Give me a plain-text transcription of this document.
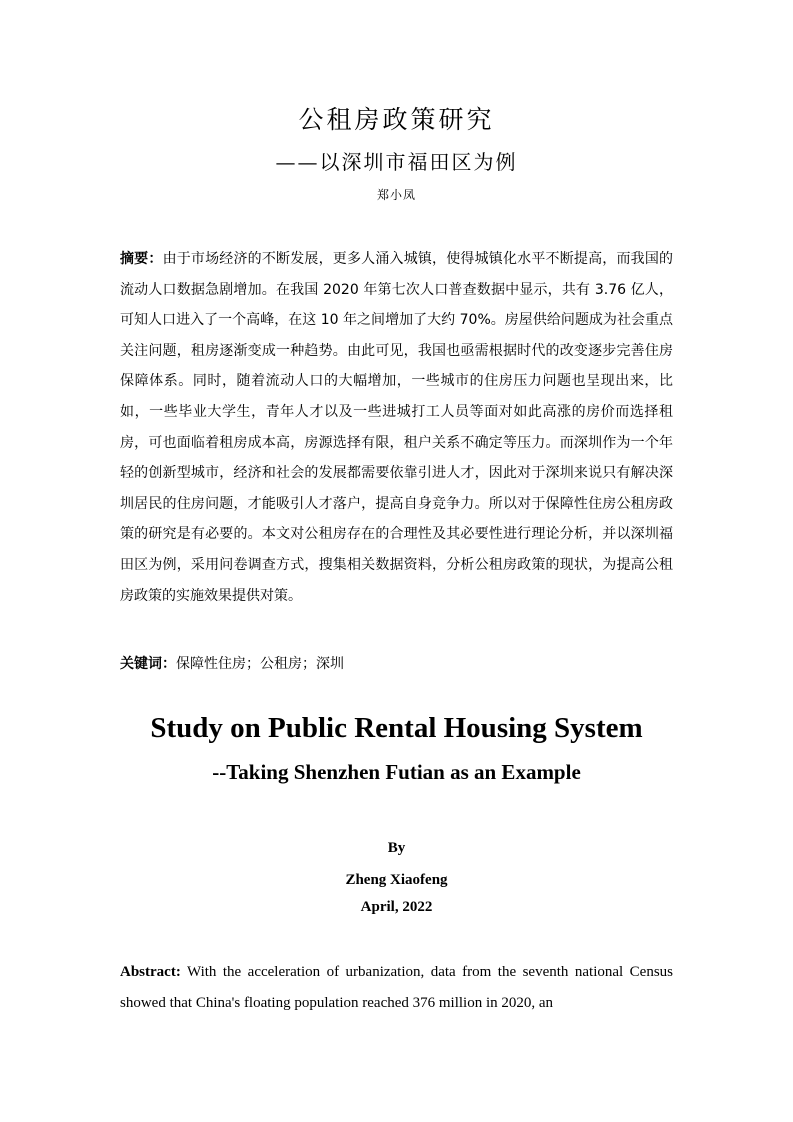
公租房政策研究
——以深圳市福田区为例
郑小凤
摘要：由于市场经济的不断发展，更多人涌入城镇，使得城镇化水平不断提高，而我国的流动人口数据急剧增加。在我国 2020 年第七次人口普查数据中显示，共有 3.76 亿人，可知人口进入了一个高峰，在这 10 年之间增加了大约 70%。房屋供给问题成为社会重点关注问题，租房逐渐变成一种趋势。由此可见，我国也亟需根据时代的改变逐步完善住房保障体系。同时，随着流动人口的大幅增加，一些城市的住房压力问题也呈现出来，比如，一些毕业大学生，青年人才以及一些进城打工人员等面对如此高涨的房价而选择租房，可也面临着租房成本高，房源选择有限，租户关系不确定等压力。而深圳作为一个年轻的创新型城市，经济和社会的发展都需要依靠引进人才，因此对于深圳来说只有解决深圳居民的住房问题，才能吸引人才落户，提高自身竞争力。所以对于保障性住房公租房政策的研究是有必要的。本文对公租房存在的合理性及其必要性进行理论分析，并以深圳福田区为例，采用问卷调查方式，搜集相关数据资料，分析公租房政策的现状，为提高公租房政策的实施效果提供对策。
关键词：保障性住房；公租房；深圳
Study on Public Rental Housing System
--Taking Shenzhen Futian as an Example
By
Zheng Xiaofeng
April, 2022
Abstract: With the acceleration of urbanization, data from the seventh national Census showed that China's floating population reached 376 million in 2020, an
